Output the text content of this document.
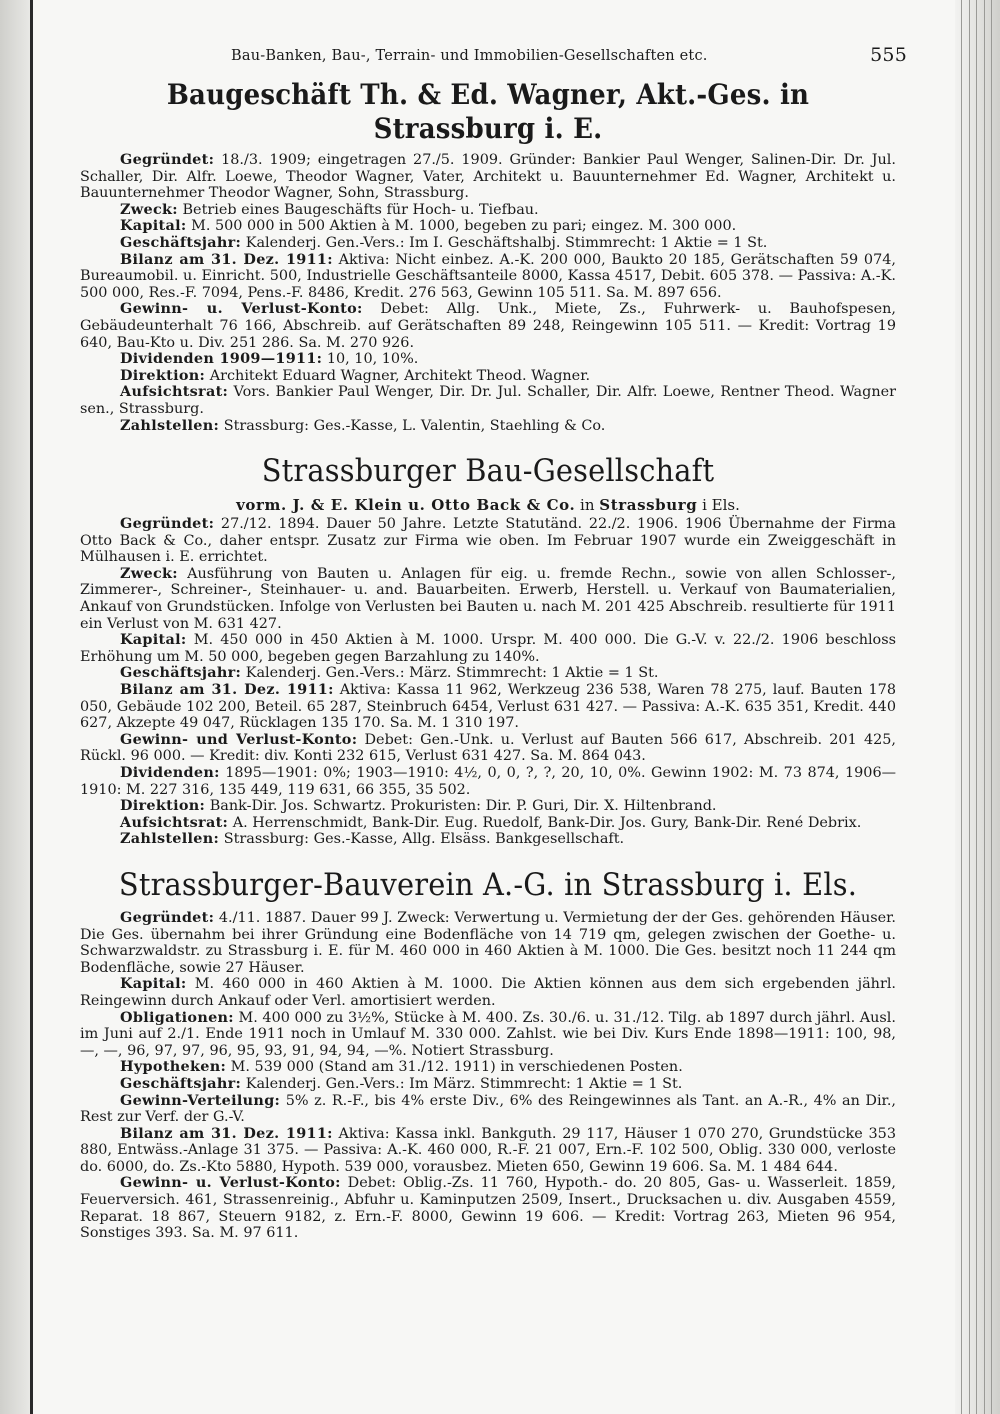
Bau-Banken, Bau-, Terrain- und Immobilien-Gesellschaften etc.	555
Baugeschäft Th. & Ed. Wagner, Akt.-Ges. in Strassburg i. E.

Gegründet: 18./3. 1909; eingetragen 27./5. 1909. Gründer: Bankier Paul Wenger, Salinen-Dir. Dr. Jul. Schaller, Dir. Alfr. Loewe, Theodor Wagner, Vater, Architekt u. Bauunternehmer Ed. Wagner, Architekt u. Bauunternehmer Theodor Wagner, Sohn, Strassburg.

Zweck: Betrieb eines Baugeschäfts für Hoch- u. Tiefbau.

Kapital: M. 500 000 in 500 Aktien à M. 1000, begeben zu pari; eingez. M. 300 000.

Geschäftsjahr: Kalenderj. Gen.-Vers.: Im I. Geschäftshalbj. Stimmrecht: 1 Aktie = 1 St.

Bilanz am 31. Dez. 1911: Aktiva: Nicht einbez. A.-K. 200 000, Baukto 20 185, Gerätschaften 59 074, Bureaumobil. u. Einricht. 500, Industrielle Geschäftsanteile 8000, Kassa 4517, Debit. 605 378. — Passiva: A.-K. 500 000, Res.-F. 7094, Pens.-F. 8486, Kredit. 276 563, Gewinn 105 511. Sa. M. 897 656.

Gewinn- u. Verlust-Konto: Debet: Allg. Unk., Miete, Zs., Fuhrwerk- u. Bauhofspesen, Gebäudeunterhalt 76 166, Abschreib. auf Gerätschaften 89 248, Reingewinn 105 511. — Kredit: Vortrag 19 640, Bau-Kto u. Div. 251 286. Sa. M. 270 926.

Dividenden 1909—1911: 10, 10, 10%.

Direktion: Architekt Eduard Wagner, Architekt Theod. Wagner.

Aufsichtsrat: Vors. Bankier Paul Wenger, Dir. Dr. Jul. Schaller, Dir. Alfr. Loewe, Rentner Theod. Wagner sen., Strassburg.

Zahlstellen: Strassburg: Ges.-Kasse, L. Valentin, Staehling & Co.

Strassburger Bau-Gesellschaft
vorm. J. & E. Klein u. Otto Back & Co. in Strassburg i Els.

Gegründet: 27./12. 1894. Dauer 50 Jahre. Letzte Statutänd. 22./2. 1906. 1906 Übernahme der Firma Otto Back & Co., daher entspr. Zusatz zur Firma wie oben. Im Februar 1907 wurde ein Zweiggeschäft in Mülhausen i. E. errichtet.

Zweck: Ausführung von Bauten u. Anlagen für eig. u. fremde Rechn., sowie von allen Schlosser-, Zimmerer-, Schreiner-, Steinhauer- u. and. Bauarbeiten. Erwerb, Herstell. u. Verkauf von Baumaterialien, Ankauf von Grundstücken. Infolge von Verlusten bei Bauten u. nach M. 201 425 Abschreib. resultierte für 1911 ein Verlust von M. 631 427.

Kapital: M. 450 000 in 450 Aktien à M. 1000. Urspr. M. 400 000. Die G.-V. v. 22./2. 1906 beschloss Erhöhung um M. 50 000, begeben gegen Barzahlung zu 140%.

Geschäftsjahr: Kalenderj. Gen.-Vers.: März. Stimmrecht: 1 Aktie = 1 St.

Bilanz am 31. Dez. 1911: Aktiva: Kassa 11 962, Werkzeug 236 538, Waren 78 275, lauf. Bauten 178 050, Gebäude 102 200, Beteil. 65 287, Steinbruch 6454, Verlust 631 427. — Passiva: A.-K. 635 351, Kredit. 440 627, Akzepte 49 047, Rücklagen 135 170. Sa. M. 1 310 197.

Gewinn- und Verlust-Konto: Debet: Gen.-Unk. u. Verlust auf Bauten 566 617, Abschreib. 201 425, Rückl. 96 000. — Kredit: div. Konti 232 615, Verlust 631 427. Sa. M. 864 043.

Dividenden: 1895—1901: 0%; 1903—1910: 4½, 0, 0, ?, ?, 20, 10, 0%. Gewinn 1902: M. 73 874, 1906—1910: M. 227 316, 135 449, 119 631, 66 355, 35 502.

Direktion: Bank-Dir. Jos. Schwartz. Prokuristen: Dir. P. Guri, Dir. X. Hiltenbrand.

Aufsichtsrat: A. Herrenschmidt, Bank-Dir. Eug. Ruedolf, Bank-Dir. Jos. Gury, Bank-Dir. René Debrix.

Zahlstellen: Strassburg: Ges.-Kasse, Allg. Elsäss. Bankgesellschaft.

Strassburger-Bauverein A.-G. in Strassburg i. Els.

Gegründet: 4./11. 1887. Dauer 99 J. Zweck: Verwertung u. Vermietung der der Ges. gehörenden Häuser. Die Ges. übernahm bei ihrer Gründung eine Bodenfläche von 14 719 qm, gelegen zwischen der Goethe- u. Schwarzwaldstr. zu Strassburg i. E. für M. 460 000 in 460 Aktien à M. 1000. Die Ges. besitzt noch 11 244 qm Bodenfläche, sowie 27 Häuser.

Kapital: M. 460 000 in 460 Aktien à M. 1000. Die Aktien können aus dem sich ergebenden jährl. Reingewinn durch Ankauf oder Verl. amortisiert werden.

Obligationen: M. 400 000 zu 3½%, Stücke à M. 400. Zs. 30./6. u. 31./12. Tilg. ab 1897 durch jährl. Ausl. im Juni auf 2./1. Ende 1911 noch in Umlauf M. 330 000. Zahlst. wie bei Div. Kurs Ende 1898—1911: 100, 98, —, —, 96, 97, 97, 96, 95, 93, 91, 94, 94, —%. Notiert Strassburg.

Hypotheken: M. 539 000 (Stand am 31./12. 1911) in verschiedenen Posten.

Geschäftsjahr: Kalenderj. Gen.-Vers.: Im März. Stimmrecht: 1 Aktie = 1 St.

Gewinn-Verteilung: 5% z. R.-F., bis 4% erste Div., 6% des Reingewinnes als Tant. an A.-R., 4% an Dir., Rest zur Verf. der G.-V.

Bilanz am 31. Dez. 1911: Aktiva: Kassa inkl. Bankguth. 29 117, Häuser 1 070 270, Grundstücke 353 880, Entwäss.-Anlage 31 375. — Passiva: A.-K. 460 000, R.-F. 21 007, Ern.-F. 102 500, Oblig. 330 000, verloste do. 6000, do. Zs.-Kto 5880, Hypoth. 539 000, vorausbez. Mieten 650, Gewinn 19 606. Sa. M. 1 484 644.

Gewinn- u. Verlust-Konto: Debet: Oblig.-Zs. 11 760, Hypoth.- do. 20 805, Gas- u. Wasserleit. 1859, Feuerversich. 461, Strassenreinig., Abfuhr u. Kaminputzen 2509, Insert., Drucksachen u. div. Ausgaben 4559, Reparat. 18 867, Steuern 9182, z. Ern.-F. 8000, Gewinn 19 606. — Kredit: Vortrag 263, Mieten 96 954, Sonstiges 393. Sa. M. 97 611.
